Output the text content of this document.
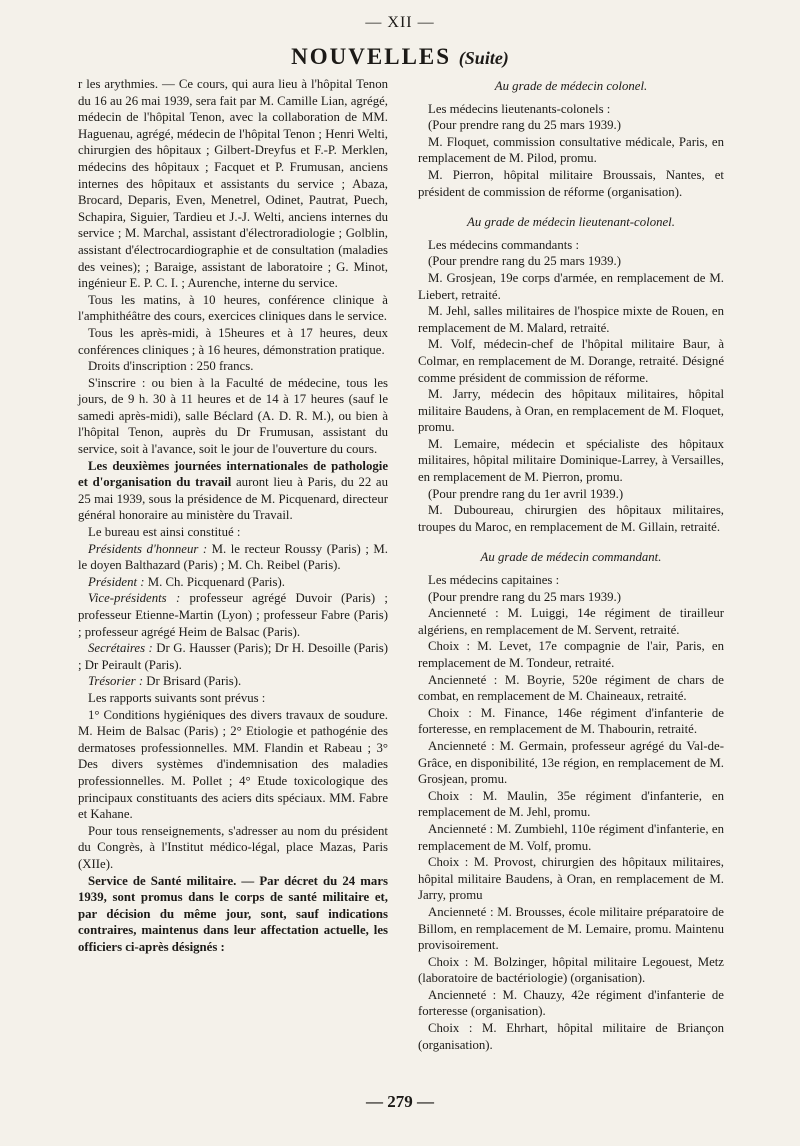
— XII —
NOUVELLES (Suite)

r les arythmies. — Ce cours, qui aura lieu à l'hôpital Tenon du 16 au 26 mai 1939, sera fait par M. Camille Lian, agrégé, médecin de l'hôpital Tenon, avec la collaboration de MM. Haguenau, agrégé, médecin de l'hôpital Tenon ; Henri Welti, chirurgien des hôpitaux ; Gilbert-Dreyfus et F.-P. Merklen, médecins des hôpitaux ; Facquet et P. Frumusan, anciens internes des hôpitaux et assistants du service ; Abaza, Brocard, Deparis, Even, Menetrel, Odinet, Pautrat, Puech, Schapira, Siguier, Tardieu et J.-J. Welti, anciens internes du service ; M. Marchal, assistant d'électroradiologie ; Golblin, assistant d'électrocardiographie et de consultation (maladies des veines); ; Baraige, assistant de laboratoire ; G. Minot, ingénieur E. P. C. I. ; Aurenche, interne du service.

Tous les matins, à 10 heures, conférence clinique à l'amphithéâtre des cours, exercices cliniques dans le service.

Tous les après-midi, à 15heures et à 17 heures, deux conférences cliniques ; à 16 heures, démonstration pratique.

Droits d'inscription : 250 francs.

S'inscrire : ou bien à la Faculté de médecine, tous les jours, de 9 h. 30 à 11 heures et de 14 à 17 heures (sauf le samedi après-midi), salle Béclard (A. D. R. M.), ou bien à l'hôpital Tenon, auprès du Dr Frumusan, assistant du service, soit à l'avance, soit le jour de l'ouverture du cours.

Les deuxièmes journées internationales de pathologie et d'organisation du travail auront lieu à Paris, du 22 au 25 mai 1939, sous la présidence de M. Picquenard, directeur général honoraire au ministère du Travail.

Le bureau est ainsi constitué :

Présidents d'honneur : M. le recteur Roussy (Paris) ; M. le doyen Balthazard (Paris) ; M. Ch. Reibel (Paris).

Président : M. Ch. Picquenard (Paris).

Vice-présidents : professeur agrégé Duvoir (Paris) ; professeur Etienne-Martin (Lyon) ; professeur Fabre (Paris) ; professeur agrégé Heim de Balsac (Paris).

Secrétaires : Dr G. Hausser (Paris); Dr H. Desoille (Paris) ; Dr Peirault (Paris).

Trésorier : Dr Brisard (Paris).

Les rapports suivants sont prévus :

1° Conditions hygiéniques des divers travaux de soudure. M. Heim de Balsac (Paris) ; 2° Etiologie et pathogénie des dermatoses professionnelles. MM. Flandin et Rabeau ; 3° Des divers systèmes d'indemnisation des maladies professionnelles. M. Pollet ; 4° Etude toxicologique des principaux constituants des aciers dits spéciaux. MM. Fabre et Kahane.

Pour tous renseignements, s'adresser au nom du président du Congrès, à l'Institut médico-légal, place Mazas, Paris (XIIe).

Service de Santé militaire. — Par décret du 24 mars 1939, sont promus dans le corps de santé militaire et, par décision du même jour, sont, sauf indications contraires, maintenus dans leur affectation actuelle, les officiers ci-après désignés :

Au grade de médecin colonel.

Les médecins lieutenants-colonels :

(Pour prendre rang du 25 mars 1939.)

M. Floquet, commission consultative médicale, Paris, en remplacement de M. Pilod, promu.

M. Pierron, hôpital militaire Broussais, Nantes, et président de commission de réforme (organisation).

Au grade de médecin lieutenant-colonel.

Les médecins commandants :

(Pour prendre rang du 25 mars 1939.)

M. Grosjean, 19e corps d'armée, en remplacement de M. Liebert, retraité.

M. Jehl, salles militaires de l'hospice mixte de Rouen, en remplacement de M. Malard, retraité.

M. Volf, médecin-chef de l'hôpital militaire Baur, à Colmar, en remplacement de M. Dorange, retraité. Désigné comme président de commission de réforme.

M. Jarry, médecin des hôpitaux militaires, hôpital militaire Baudens, à Oran, en remplacement de M. Floquet, promu.

M. Lemaire, médecin et spécialiste des hôpitaux militaires, hôpital militaire Dominique-Larrey, à Versailles, en remplacement de M. Pierron, promu.

(Pour prendre rang du 1er avril 1939.)

M. Duboureau, chirurgien des hôpitaux militaires, troupes du Maroc, en remplacement de M. Gillain, retraité.

Au grade de médecin commandant.

Les médecins capitaines :

(Pour prendre rang du 25 mars 1939.)

Ancienneté : M. Luiggi, 14e régiment de tirailleur algériens, en remplacement de M. Servent, retraité.

Choix : M. Levet, 17e compagnie de l'air, Paris, en remplacement de M. Tondeur, retraité.

Ancienneté : M. Boyrie, 520e régiment de chars de combat, en remplacement de M. Chaineaux, retraité.

Choix : M. Finance, 146e régiment d'infanterie de forteresse, en remplacement de M. Thabourin, retraité.

Ancienneté : M. Germain, professeur agrégé du Val-de-Grâce, en disponibilité, 13e région, en remplacement de M. Grosjean, promu.

Choix : M. Maulin, 35e régiment d'infanterie, en remplacement de M. Jehl, promu.

Ancienneté : M. Zumbiehl, 110e régiment d'infanterie, en remplacement de M. Volf, promu.

Choix : M. Provost, chirurgien des hôpitaux militaires, hôpital militaire Baudens, à Oran, en remplacement de M. Jarry, promu

Ancienneté : M. Brousses, école militaire préparatoire de Billom, en remplacement de M. Lemaire, promu. Maintenu provisoirement.

Choix : M. Bolzinger, hôpital militaire Legouest, Metz (laboratoire de bactériologie) (organisation).

Ancienneté : M. Chauzy, 42e régiment d'infanterie de forteresse (organisation).

Choix : M. Ehrhart, hôpital militaire de Briançon (organisation).

— 279 —
